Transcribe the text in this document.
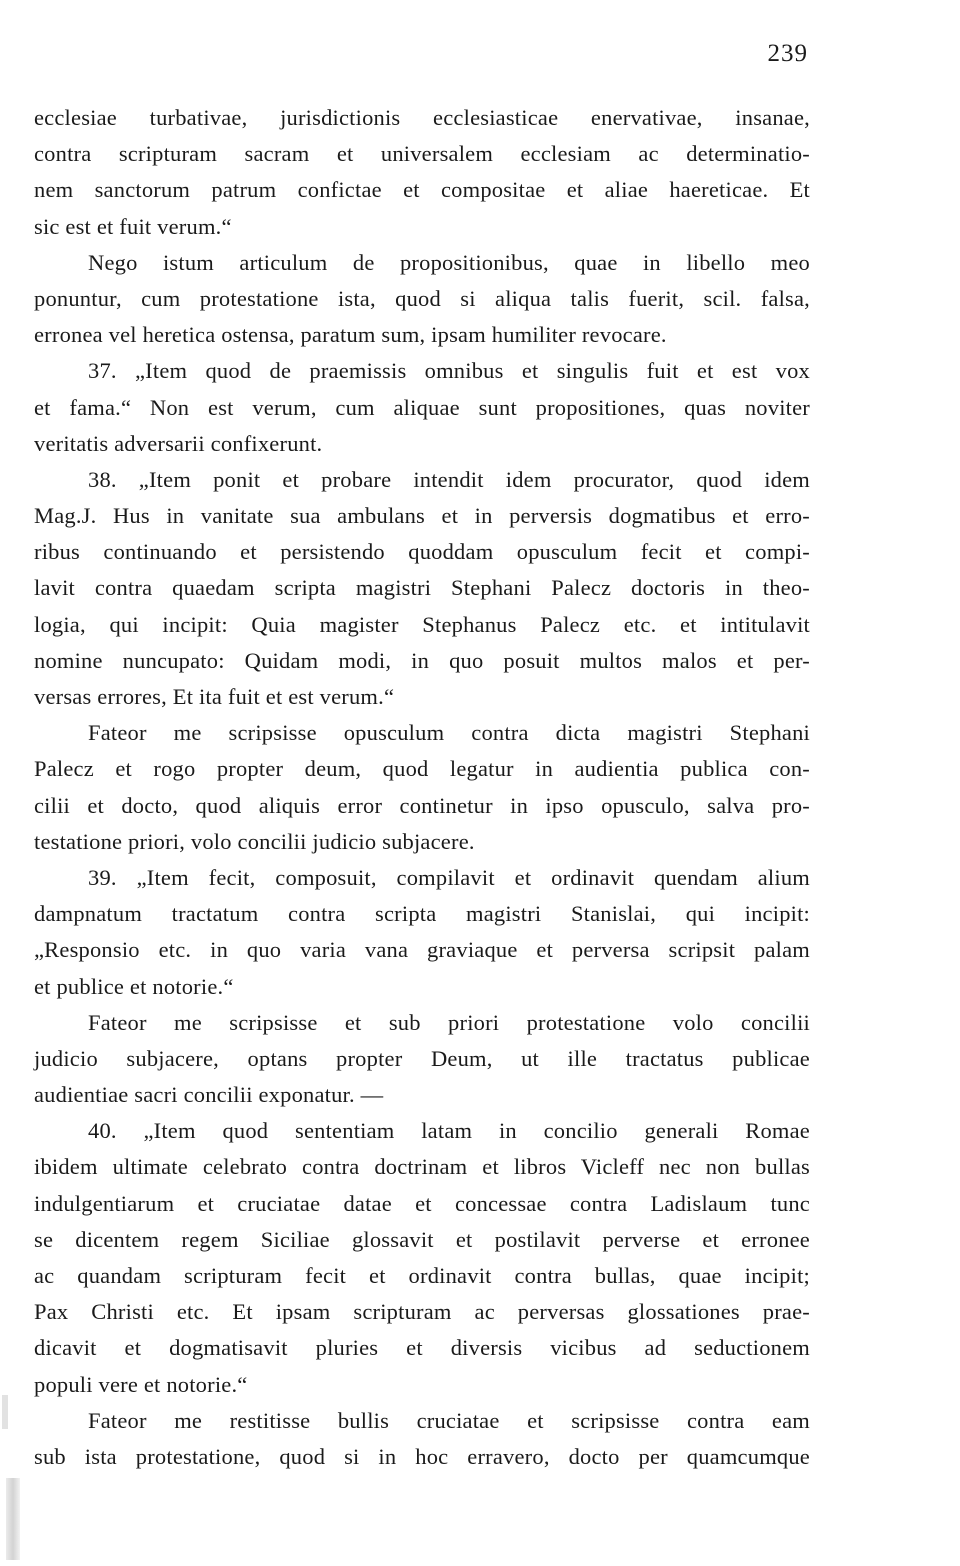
239
ecclesiae turbativae, jurisdictionis ecclesiasticae enervativae, insanae,
contra scripturam sacram et universalem ecclesiam ac determinatio-
nem sanctorum patrum confictae et compositae et aliae haereticae. Et
sic est et fuit verum.“
Nego istum articulum de propositionibus, quae in libello meo
ponuntur, cum protestatione ista, quod si aliqua talis fuerit, scil. falsa,
erronea vel heretica ostensa, paratum sum, ipsam humiliter revocare.
37. „Item quod de praemissis omnibus et singulis fuit et est vox
et fama.“ Non est verum, cum aliquae sunt propositiones, quas noviter
veritatis adversarii confixerunt.
38. „Item ponit et probare intendit idem procurator, quod idem
Mag.J. Hus in vanitate sua ambulans et in perversis dogmatibus et erro-
ribus continuando et persistendo quoddam opusculum fecit et compi-
lavit contra quaedam scripta magistri Stephani Palecz doctoris in theo-
logia, qui incipit: Quia magister Stephanus Palecz etc. et intitulavit
nomine nuncupato: Quidam modi, in quo posuit multos malos et per-
versas errores, Et ita fuit et est verum.“
Fateor me scripsisse opusculum contra dicta magistri Stephani
Palecz et rogo propter deum, quod legatur in audientia publica con-
cilii et docto, quod aliquis error continetur in ipso opusculo, salva pro-
testatione priori, volo concilii judicio subjacere.
39. „Item fecit, composuit, compilavit et ordinavit quendam alium
dampnatum tractatum contra scripta magistri Stanislai, qui incipit:
„Responsio etc. in quo varia vana graviaque et perversa scripsit palam
et publice et notorie.“
Fateor me scripsisse et sub priori protestatione volo concilii
judicio subjacere, optans propter Deum, ut ille tractatus publicae
audientiae sacri concilii exponatur. —
40. „Item quod sententiam latam in concilio generali Romae
ibidem ultimate celebrato contra doctrinam et libros Vicleff nec non bullas
indulgentiarum et cruciatae datae et concessae contra Ladislaum tunc
se dicentem regem Siciliae glossavit et postilavit perverse et erronee
ac quandam scripturam fecit et ordinavit contra bullas, quae incipit;
Pax Christi etc. Et ipsam scripturam ac perversas glossationes prae-
dicavit et dogmatisavit pluries et diversis vicibus ad seductionem
populi vere et notorie.“
Fateor me restitisse bullis cruciatae et scripsisse contra eam
sub ista protestatione, quod si in hoc erravero, docto per quamcumque
